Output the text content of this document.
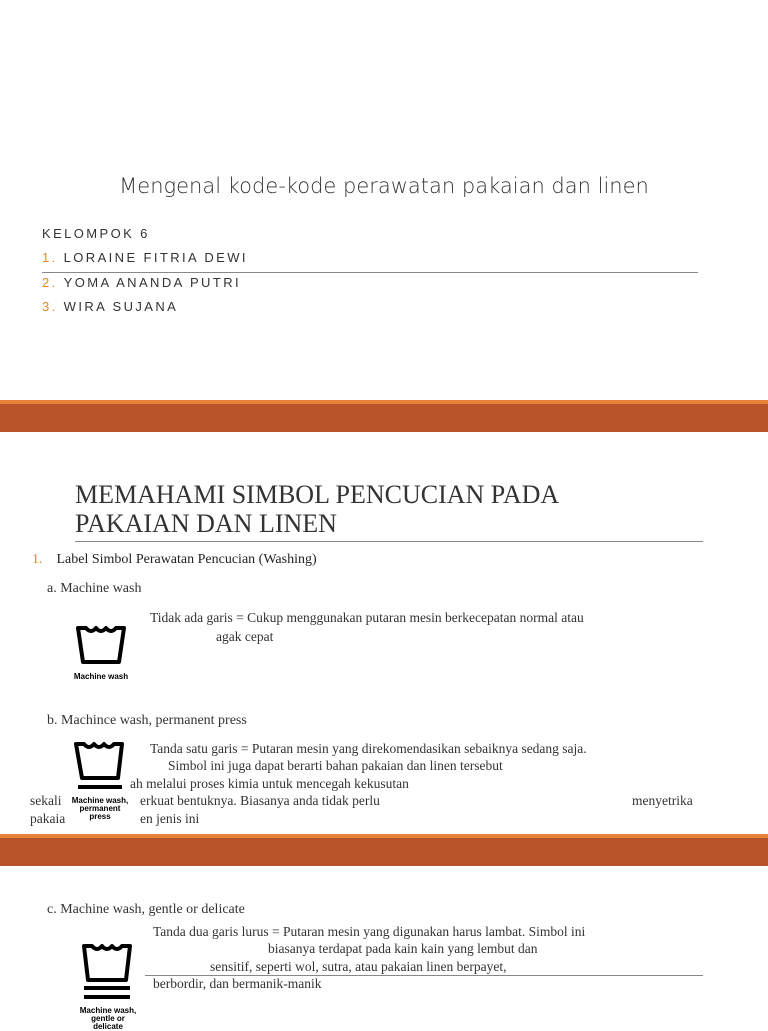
Mengenal kode-kode perawatan pakaian dan linen
KELOMPOK 6
1. LORAINE FITRIA DEWI
2. YOMA ANANDA PUTRI
3. WIRA SUJANA
MEMAHAMI SIMBOL PENCUCIAN PADA
PAKAIAN DAN LINEN
1. Label Simbol Perawatan Pencucian (Washing)
a. Machine wash
Machine wash
Tidak ada garis = Cukup menggunakan putaran mesin berkecepatan normal atau
agak cepat
b. Machince wash, permanent press
Machine wash,
permanent
press
Tanda satu garis = Putaran mesin yang direkomendasikan sebaiknya sedang saja.
Simbol ini juga dapat berarti bahan pakaian dan linen tersebut
ah melalui proses kimia untuk mencegah kekusutan
sekali	erkuat bentuknya. Biasanya anda tidak perlu	menyetrika
pakaia	en jenis ini
c. Machine wash, gentle or delicate
Machine wash,
gentle or
delicate
Tanda dua garis lurus = Putaran mesin yang digunakan harus lambat. Simbol ini
biasanya terdapat pada kain kain yang lembut dan
sensitif, seperti wol, sutra, atau pakaian linen berpayet,
berbordir, dan bermanik-manik
